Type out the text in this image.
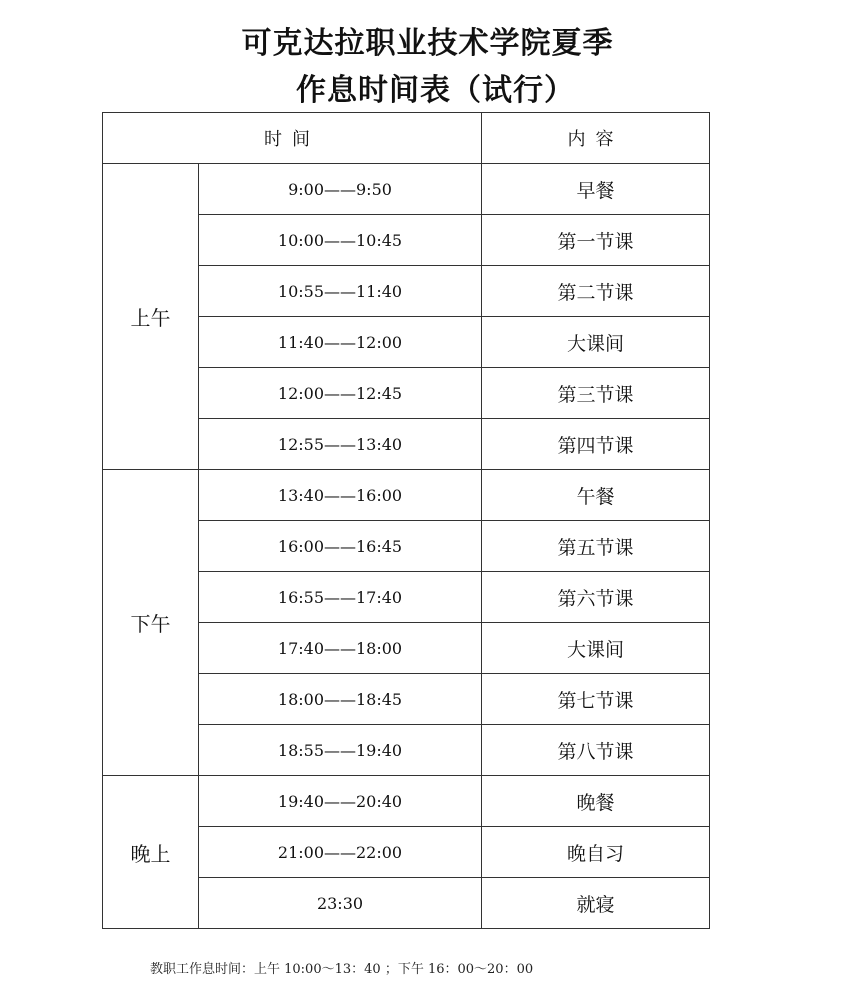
可克达拉职业技术学院夏季
作息时间表（试行）
时间		内容
上午	9:00——9:50	早餐
	10:00——10:45	第一节课
	10:55——11:40	第二节课
	11:40——12:00	大课间
	12:00——12:45	第三节课
	12:55——13:40	第四节课
下午	13:40——16:00	午餐
	16:00——16:45	第五节课
	16:55——17:40	第六节课
	17:40——18:00	大课间
	18:00——18:45	第七节课
	18:55——19:40	第八节课
晚上	19:40——20:40	晚餐
	21:00——22:00	晚自习
	23:30	就寝
教职工作息时间：上午 10:00～13：40 ；下午 16：00～20：00
